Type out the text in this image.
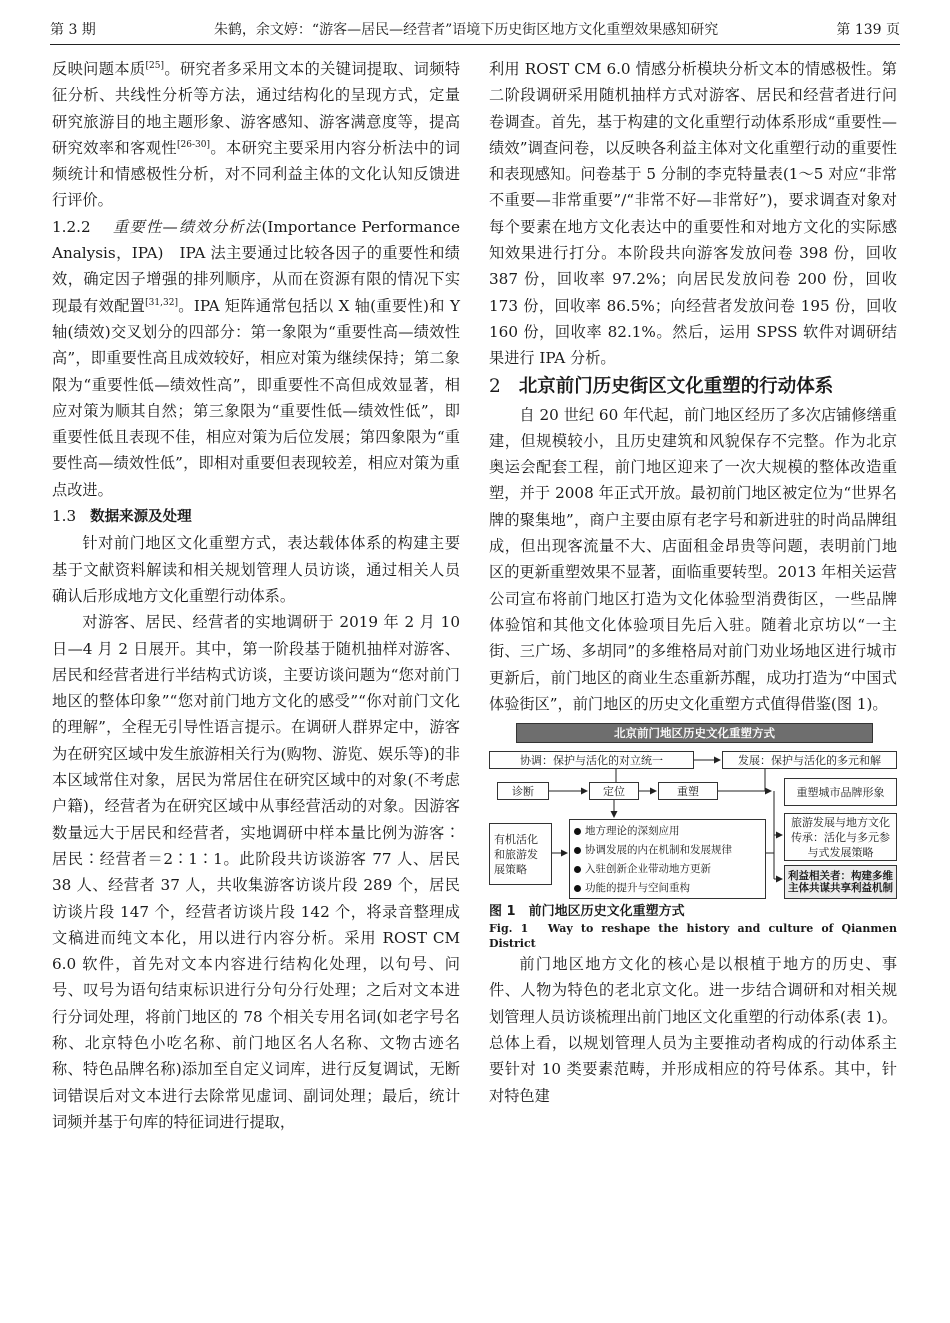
第 3 期	朱鹤，余文婷：“游客—居民—经营者”语境下历史街区地方文化重塑效果感知研究	第 139 页

反映问题本质[25]。研究者多采用文本的关键词提取、词频特征分析、共线性分析等方法，通过结构化的呈现方式，定量研究旅游目的地主题形象、游客感知、游客满意度等，提高研究效率和客观性[26-30]。本研究主要采用内容分析法中的词频统计和情感极性分析，对不同利益主体的文化认知反馈进行评价。

1.2.2 重要性—绩效分析法(Importance Performance Analysis，IPA)　 IPA 法主要通过比较各因子的重要性和绩效，确定因子增强的排列顺序，从而在资源有限的情况下实现最有效配置[31,32]。IPA 矩阵通常包括以 X 轴(重要性)和 Y 轴(绩效)交叉划分的四部分：第一象限为“重要性高—绩效性高”，即重要性高且成效较好，相应对策为继续保持；第二象限为“重要性低—绩效性高”，即重要性不高但成效显著，相应对策为顺其自然；第三象限为“重要性低—绩效性低”，即重要性低且表现不佳，相应对策为后位发展；第四象限为“重要性高—绩效性低”，即相对重要但表现较差，相应对策为重点改进。

1.3 数据来源及处理

针对前门地区文化重塑方式，表达载体体系的构建主要基于文献资料解读和相关规划管理人员访谈，通过相关人员确认后形成地方文化重塑行动体系。

对游客、居民、经营者的实地调研于 2019 年 2 月 10 日—4 月 2 日展开。其中，第一阶段基于随机抽样对游客、居民和经营者进行半结构式访谈，主要访谈问题为“您对前门地区的整体印象”“您对前门地方文化的感受”“你对前门文化的理解”，全程无引导性语言提示。在调研人群界定中，游客为在研究区域中发生旅游相关行为(购物、游览、娱乐等)的非本区域常住对象，居民为常居住在研究区域中的对象(不考虑户籍)，经营者为在研究区域中从事经营活动的对象。因游客数量远大于居民和经营者，实地调研中样本量比例为游客∶居民∶经营者＝2∶1∶1。此阶段共访谈游客 77 人、居民 38 人、经营者 37 人，共收集游客访谈片段 289 个，居民访谈片段 147 个，经营者访谈片段 142 个，将录音整理成文稿进而纯文本化，用以进行内容分析。采用 ROST CM 6.0 软件，首先对文本内容进行结构化处理，以句号、问号、叹号为语句结束标识进行分句分行处理；之后对文本进行分词处理，将前门地区的 78 个相关专用名词(如老字号名称、北京特色小吃名称、前门地区名人名称、文物古迹名称、特色品牌名称)添加至自定义词库，进行反复调试，无断词错误后对文本进行去除常见虚词、副词处理；最后，统计词频并基于句库的特征词进行提取，

利用 ROST CM 6.0 情感分析模块分析文本的情感极性。第二阶段调研采用随机抽样方式对游客、居民和经营者进行问卷调查。首先，基于构建的文化重塑行动体系形成“重要性—绩效”调查问卷，以反映各利益主体对文化重塑行动的重要性和表现感知。问卷基于 5 分制的李克特量表(1～5 对应“非常不重要—非常重要”/“非常不好—非常好”)，要求调查对象对每个要素在地方文化表达中的重要性和对地方文化的实际感知效果进行打分。本阶段共向游客发放问卷 398 份，回收 387 份，回收率 97.2%；向居民发放问卷 200 份，回收 173 份，回收率 86.5%；向经营者发放问卷 195 份，回收 160 份，回收率 82.1%。然后，运用 SPSS 软件对调研结果进行 IPA 分析。

2 北京前门历史街区文化重塑的行动体系

自 20 世纪 60 年代起，前门地区经历了多次店铺修缮重建，但规模较小，且历史建筑和风貌保存不完整。作为北京奥运会配套工程，前门地区迎来了一次大规模的整体改造重塑，并于 2008 年正式开放。最初前门地区被定位为“世界名牌的聚集地”，商户主要由原有老字号和新进驻的时尚品牌组成，但出现客流量不大、店面租金昂贵等问题，表明前门地区的更新重塑效果不显著，面临重要转型。2013 年相关运营公司宣布将前门地区打造为文化体验型消费街区，一些品牌体验馆和其他文化体验项目先后入驻。随着北京坊以“一主街、三广场、多胡同”的多维格局对前门劝业场地区进行城市更新后，前门地区的商业生态重新苏醒，成功打造为“中国式体验街区”，前门地区的历史文化重塑方式值得借鉴(图 1)。

北京前门地区历史文化重塑方式
协调：保护与活化的对立统一	发展：保护与活化的多元和解
诊断	定位	重塑	重塑城市品牌形象
有机活化和旅游发展策略
地方理论的深刻应用
协调发展的内在机制和发展规律
入驻创新企业带动地方更新
功能的提升与空间重构
旅游发展与地方文化传承：活化与多元参与式发展策略
利益相关者：构建多维主体共谋共享利益机制

图 1　前门地区历史文化重塑方式

Fig. 1　 Way to reshape the history and culture of Qianmen District

前门地区地方文化的核心是以根植于地方的历史、事件、人物为特色的老北京文化。进一步结合调研和对相关规划管理人员访谈梳理出前门地区文化重塑的行动体系(表 1)。总体上看，以规划管理人员为主要推动者构成的行动体系主要针对 10 类要素范畴，并形成相应的符号体系。其中，针对特色建
